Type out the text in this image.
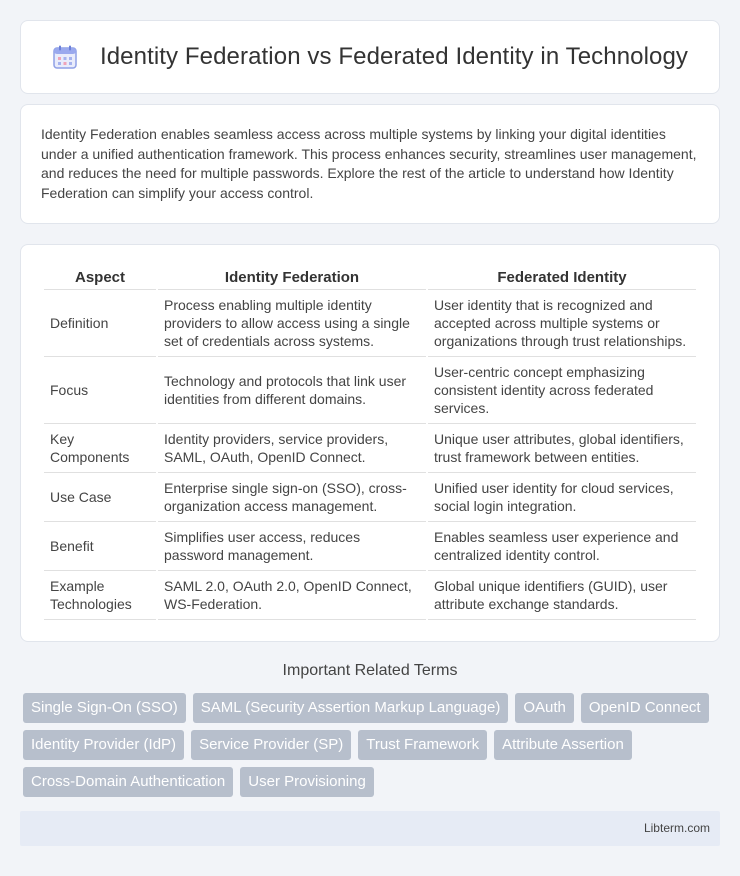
Identity Federation vs Federated Identity in Technology

Identity Federation enables seamless access across multiple systems by linking your digital identities under a unified authentication framework. This process enhances security, streamlines user management, and reduces the need for multiple passwords. Explore the rest of the article to understand how Identity Federation can simplify your access control.

Aspect	Identity Federation	Federated Identity
Definition	Process enabling multiple identity providers to allow access using a single set of credentials across systems.	User identity that is recognized and accepted across multiple systems or organizations through trust relationships.
Focus	Technology and protocols that link user identities from different domains.	User-centric concept emphasizing consistent identity across federated services.
Key Components	Identity providers, service providers, SAML, OAuth, OpenID Connect.	Unique user attributes, global identifiers, trust framework between entities.
Use Case	Enterprise single sign-on (SSO), cross-organization access management.	Unified user identity for cloud services, social login integration.
Benefit	Simplifies user access, reduces password management.	Enables seamless user experience and centralized identity control.
Example Technologies	SAML 2.0, OAuth 2.0, OpenID Connect, WS-Federation.	Global unique identifiers (GUID), user attribute exchange standards.
Important Related Terms
Single Sign-On (SSO)	SAML (Security Assertion Markup Language)	OAuth	OpenID Connect
Identity Provider (IdP)	Service Provider (SP)	Trust Framework	Attribute Assertion
Cross-Domain Authentication	User Provisioning
Libterm.com
